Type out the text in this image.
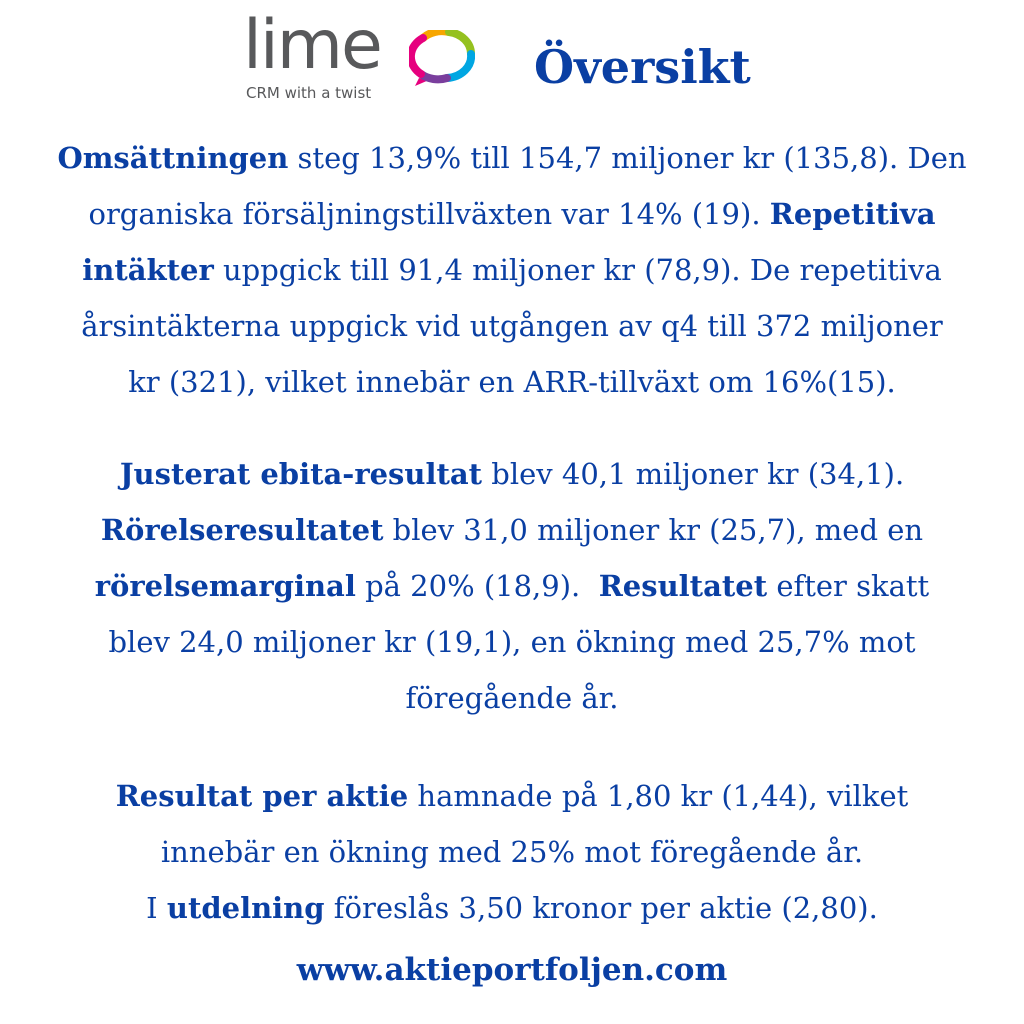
lime
CRM with a twist	Översikt

Omsättningen steg 13,9% till 154,7 miljoner kr (135,8). Den
organiska försäljningstillväxten var 14% (19). Repetitiva
intäkter uppgick till 91,4 miljoner kr (78,9). De repetitiva
årsintäkterna uppgick vid utgången av q4 till 372 miljoner
kr (321), vilket innebär en ARR-tillväxt om 16%(15).

Justerat ebita-resultat blev 40,1 miljoner kr (34,1).
Rörelseresultatet blev 31,0 miljoner kr (25,7), med en
rörelsemarginal på 20% (18,9).  Resultatet efter skatt
blev 24,0 miljoner kr (19,1), en ökning med 25,7% mot
föregående år.

Resultat per aktie hamnade på 1,80 kr (1,44), vilket
innebär en ökning med 25% mot föregående år.
I utdelning föreslås 3,50 kronor per aktie (2,80).

www.aktieportfoljen.com
